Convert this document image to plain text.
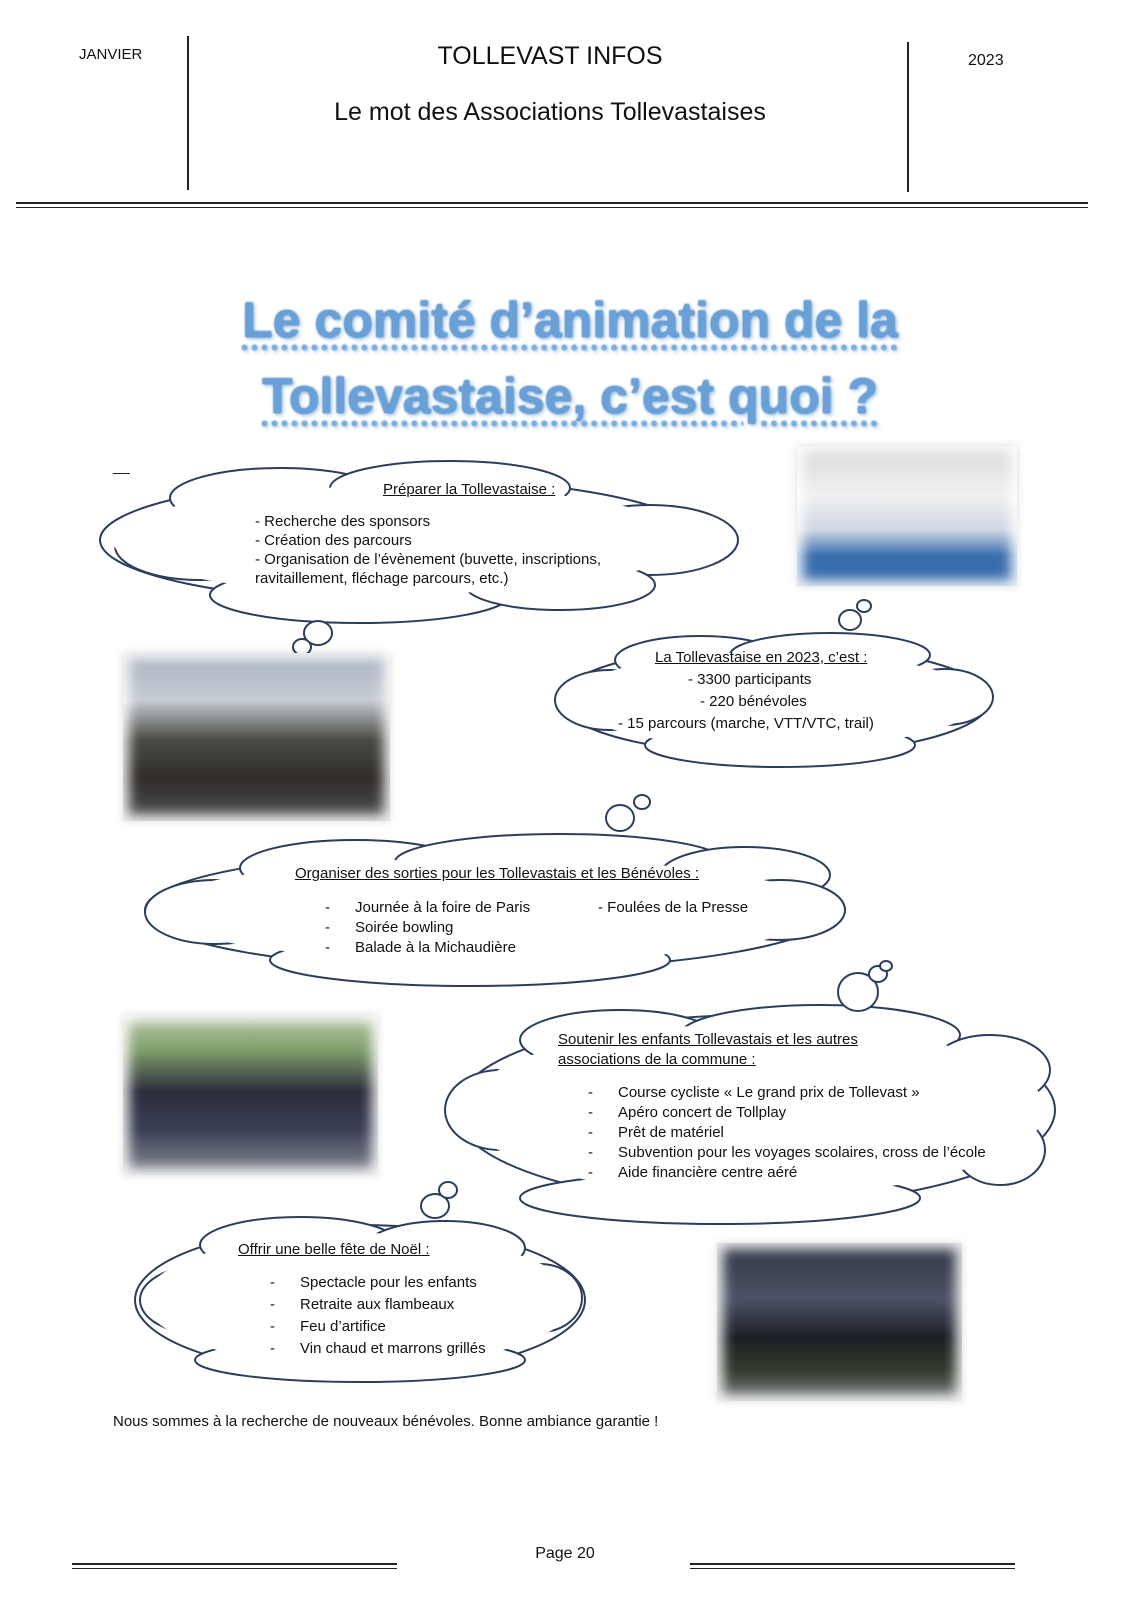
JANVIER	TOLLEVAST INFOS
Le mot des Associations Tollevastaises
2023
Le comité d’animation de la
Tollevastaise, c’est quoi ?
__
Préparer la Tollevastaise :
- Recherche des sponsors
- Création des parcours
- Organisation de l’évènement (buvette, inscriptions,
ravitaillement, fléchage parcours, etc.)
La Tollevastaise en 2023, c’est :
- 3300 participants
- 220 bénévoles
- 15 parcours (marche, VTT/VTC, trail)
Organiser des sorties pour les Tollevastais et les Bénévoles :
- Journée à la foire de Paris
- Soirée bowling
- Balade à la Michaudière
- Foulées de la Presse
Soutenir les enfants Tollevastais et les autres
associations de la commune :
- Course cycliste « Le grand prix de Tollevast »
- Apéro concert de Tollplay
- Prêt de matériel
- Subvention pour les voyages scolaires, cross de l’école
- Aide financière centre aéré
Offrir une belle fête de Noël :
- Spectacle pour les enfants
- Retraite aux flambeaux
- Feu d’artifice
- Vin chaud et marrons grillés
Nous sommes à la recherche de nouveaux bénévoles. Bonne ambiance garantie !
Page 20
